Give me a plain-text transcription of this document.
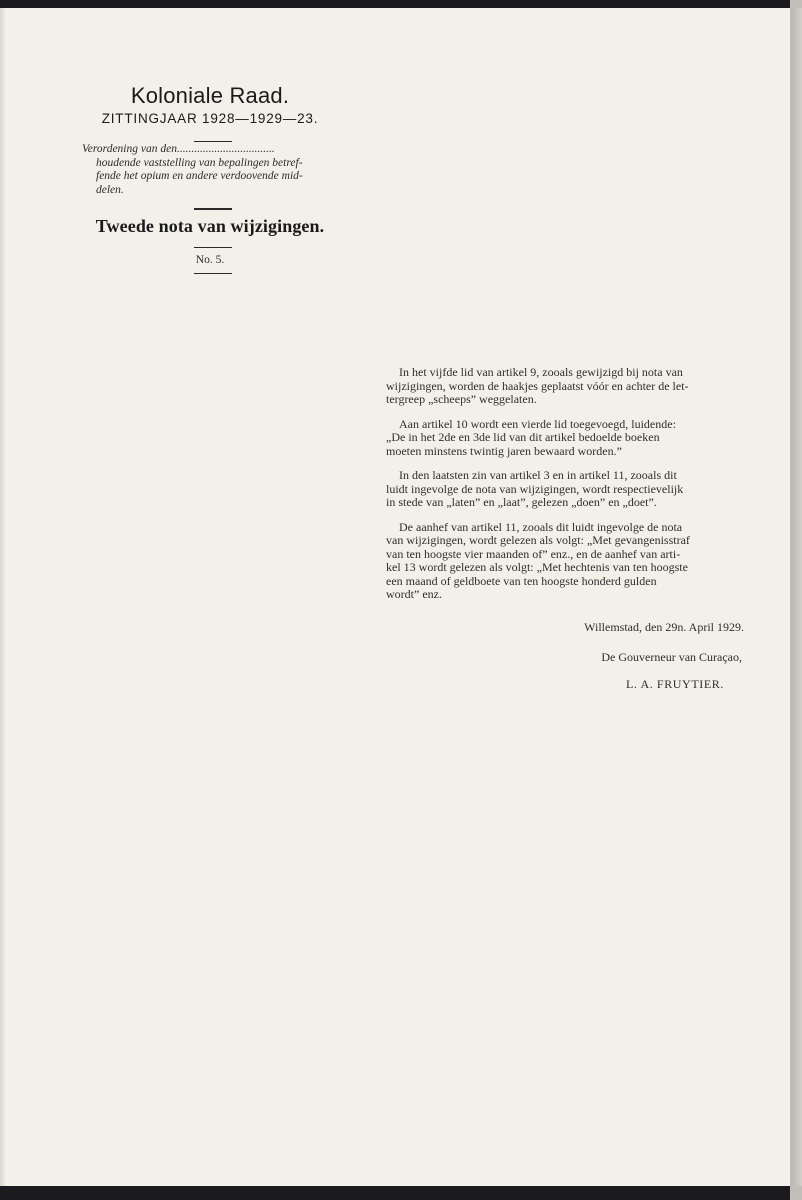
Koloniale Raad.
ZITTINGJAAR 1928—1929—23.
Verordening van den..................................
houdende vaststelling van bepalingen betref-
fende het opium en andere verdoovende mid-
delen.
Tweede nota van wijzigingen.
No. 5.

In het vijfde lid van artikel 9, zooals gewijzigd bij nota van
wijzigingen, worden de haakjes geplaatst vóór en achter de let-
tergreep „scheeps” weggelaten.

Aan artikel 10 wordt een vierde lid toegevoegd, luidende:
„De in het 2de en 3de lid van dit artikel bedoelde boeken
moeten minstens twintig jaren bewaard worden.”

In den laatsten zin van artikel 3 en in artikel 11, zooals dit
luidt ingevolge de nota van wijzigingen, wordt respectievelijk
in stede van „laten” en „laat”, gelezen „doen” en „doet”.

De aanhef van artikel 11, zooals dit luidt ingevolge de nota
van wijzigingen, wordt gelezen als volgt: „Met gevangenisstraf
van ten hoogste vier maanden of” enz., en de aanhef van arti-
kel 13 wordt gelezen als volgt: „Met hechtenis van ten hoogste
een maand of geldboete van ten hoogste honderd gulden
wordt” enz.

Willemstad, den 29n. April 1929.
De Gouverneur van Curaçao,
L. A. FRUYTIER.
